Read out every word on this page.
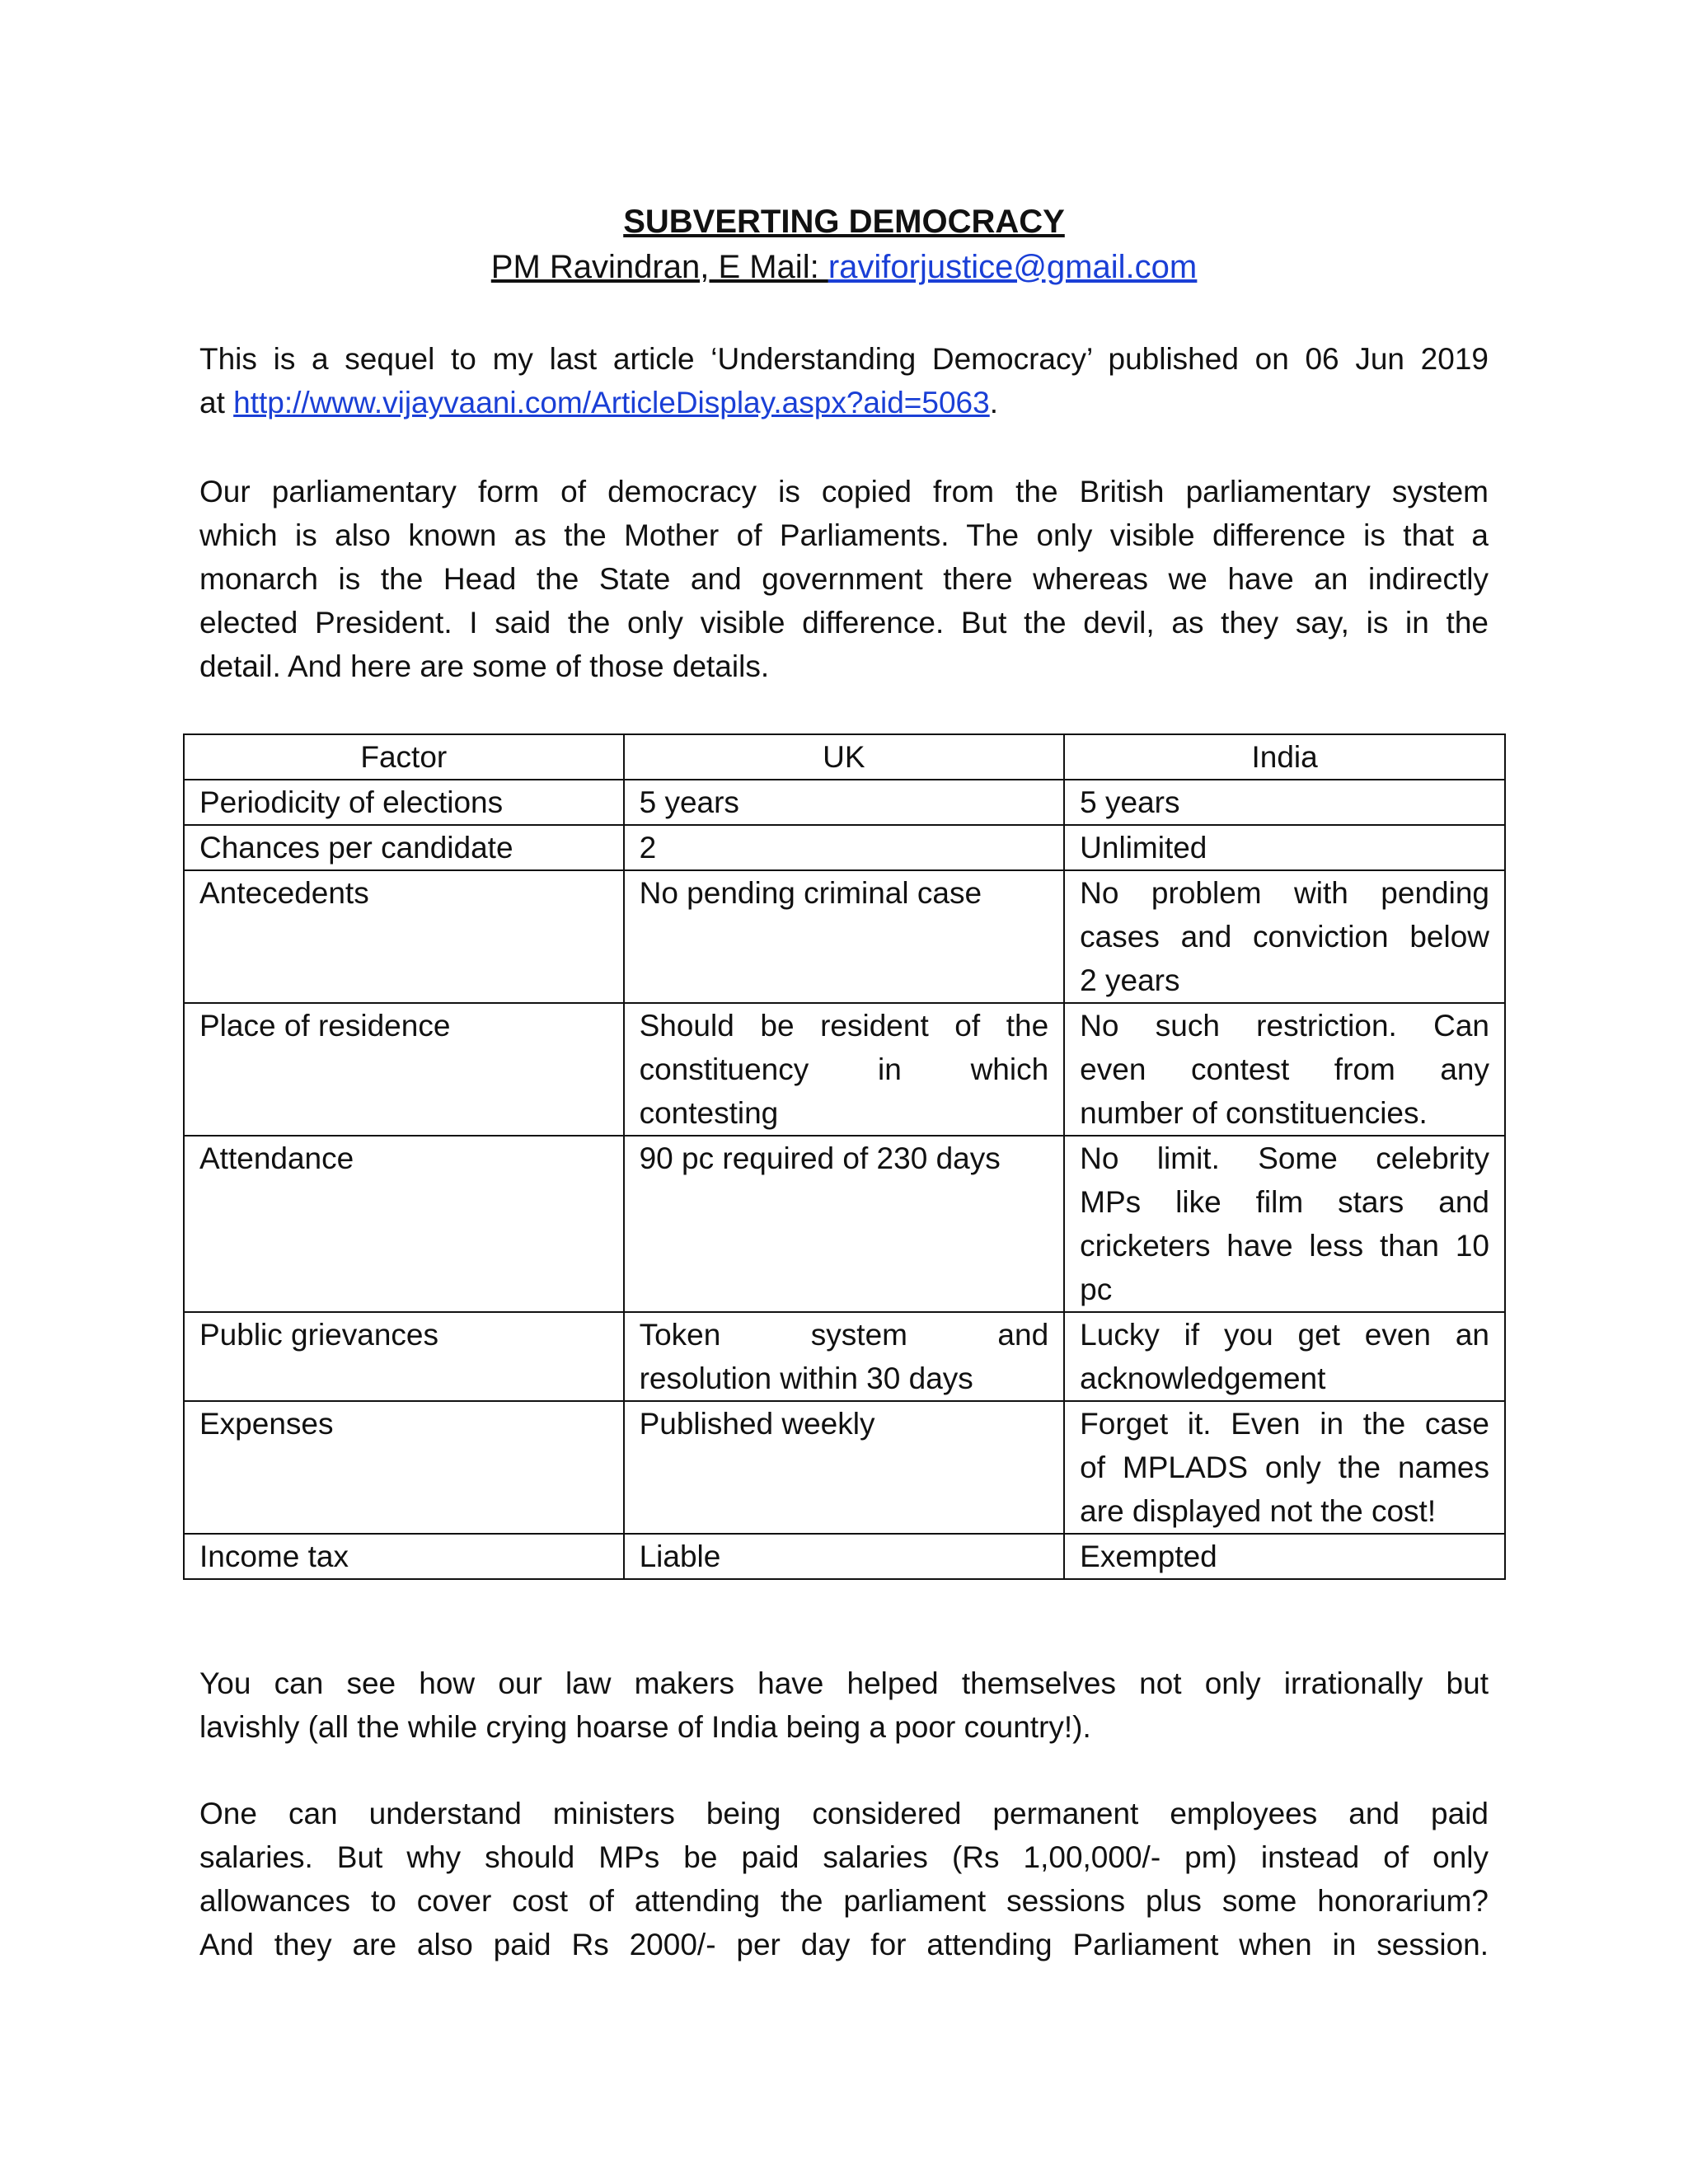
SUBVERTING DEMOCRACY
PM Ravindran, E Mail: raviforjustice@gmail.com
This is a sequel to my last article ‘Understanding Democracy’ published on 06 Jun 2019
at http://www.vijayvaani.com/ArticleDisplay.aspx?aid=5063.
Our parliamentary form of democracy is copied from the British parliamentary system
which is also known as the Mother of Parliaments. The only visible difference is that a
monarch is the Head the State and government there whereas we have an indirectly
elected President. I said the only visible difference. But the devil, as they say, is in the
detail. And here are some of those details.
Factor	UK	India
Periodicity of elections	5 years	5 years
Chances per candidate	2	Unlimited
Antecedents	No pending criminal case	No problem with pending
cases and conviction below
2 years

Place of residence	Should be resident of the
constituency in which
contesting	No such restriction. Can
even contest from any
number of constituencies.

Attendance	90 pc required of 230 days	No limit. Some celebrity
MPs like film stars and
cricketers have less than 10
pc

Public grievances	Token system and
resolution within 30 days	Lucky if you get even an
acknowledgement

Expenses	Published weekly	Forget it. Even in the case
of MPLADS only the names
are displayed not the cost!

Income tax	Liable	Exempted
You can see how our law makers have helped themselves not only irrationally but
lavishly (all the while crying hoarse of India being a poor country!).
One can understand ministers being considered permanent employees and paid
salaries. But why should MPs be paid salaries (Rs 1,00,000/- pm) instead of only
allowances to cover cost of attending the parliament sessions plus some honorarium?
And they are also paid Rs 2000/- per day for attending Parliament when in session.
